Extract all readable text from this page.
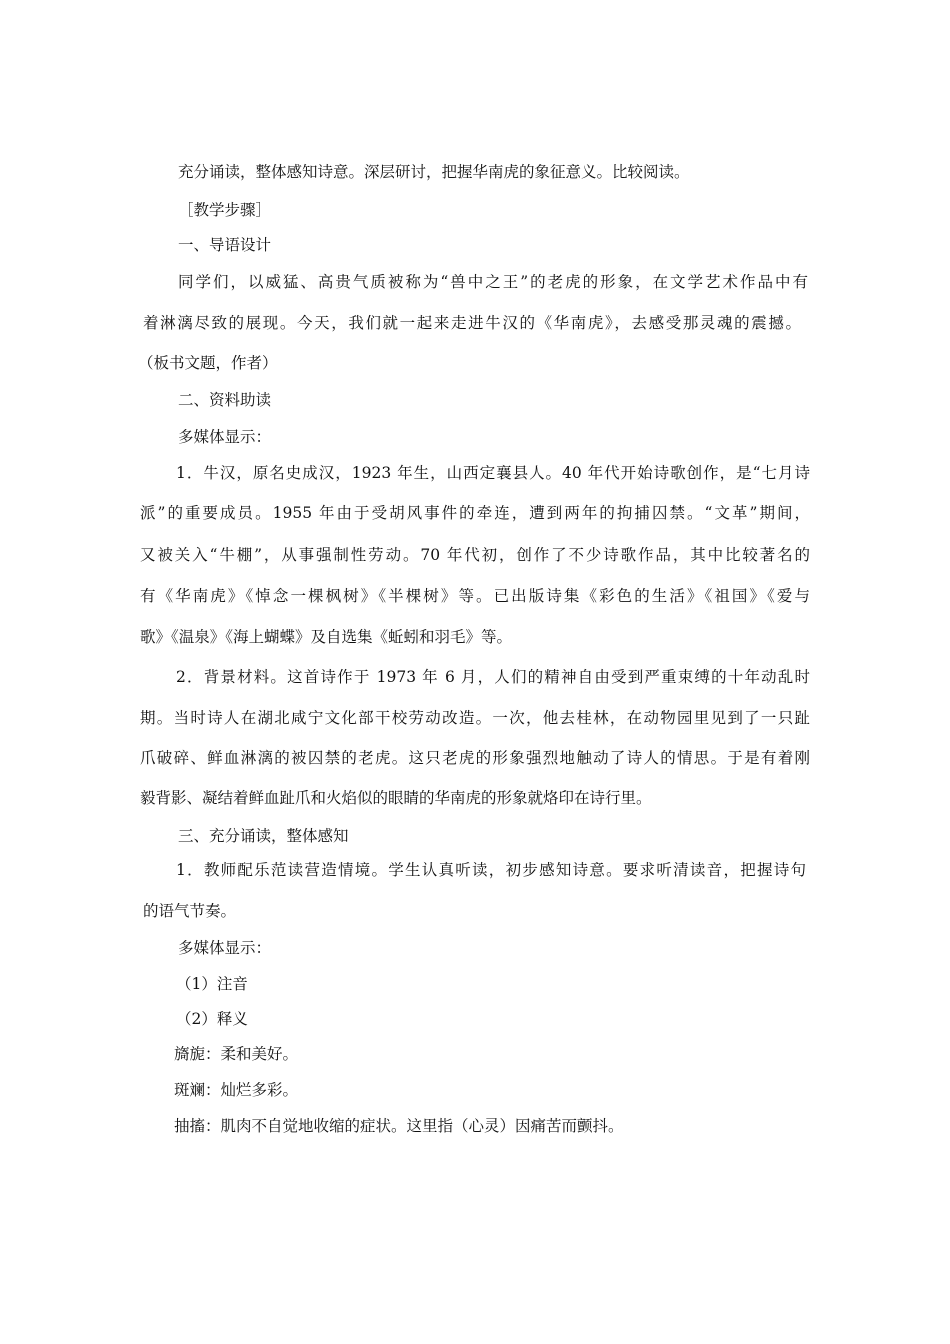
充分诵读，整体感知诗意。深层研讨，把握华南虎的象征意义。比较阅读。

［教学步骤］

一、导语设计

同学们，以威猛、高贵气质被称为“兽中之王”的老虎的形象，在文学艺术作品中有

着淋漓尽致的展现。今天，我们就一起来走进牛汉的《华南虎》，去感受那灵魂的震撼。

（板书文题，作者）

二、资料助读

多媒体显示：

1．牛汉，原名史成汉，1923 年生，山西定襄县人。40 年代开始诗歌创作，是“七月诗

派”的重要成员。1955 年由于受胡风事件的牵连，遭到两年的拘捕囚禁。“文革”期间，

又被关入“牛棚”，从事强制性劳动。70 年代初，创作了不少诗歌作品，其中比较著名的

有《华南虎》《悼念一棵枫树》《半棵树》等。已出版诗集《彩色的生活》《祖国》《爱与

歌》《温泉》《海上蝴蝶》及自选集《蚯蚓和羽毛》等。

2．背景材料。这首诗作于 1973 年 6 月，人们的精神自由受到严重束缚的十年动乱时

期。当时诗人在湖北咸宁文化部干校劳动改造。一次，他去桂林，在动物园里见到了一只趾

爪破碎、鲜血淋漓的被囚禁的老虎。这只老虎的形象强烈地触动了诗人的情思。于是有着刚

毅背影、凝结着鲜血趾爪和火焰似的眼睛的华南虎的形象就烙印在诗行里。

三、充分诵读，整体感知

1．教师配乐范读营造情境。学生认真听读，初步感知诗意。要求听清读音，把握诗句

的语气节奏。

多媒体显示：

（1）注音

（2）释义

旖旎：柔和美好。

斑斓：灿烂多彩。

抽搐：肌肉不自觉地收缩的症状。这里指（心灵）因痛苦而颤抖。
